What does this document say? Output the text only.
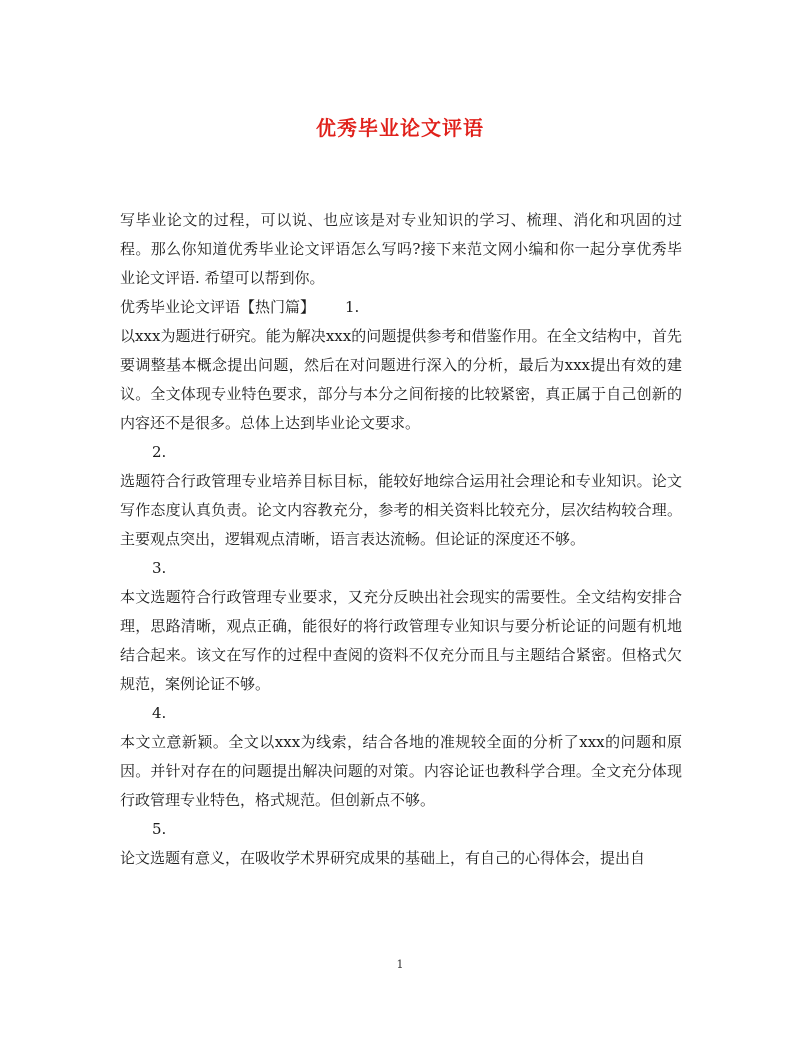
优秀毕业论文评语

写毕业论文的过程，可以说、也应该是对专业知识的学习、梳理、消化和巩固的过程。那么你知道优秀毕业论文评语怎么写吗?接下来范文网小编和你一起分享优秀毕业论文评语. 希望可以帮到你。

优秀毕业论文评语【热门篇】 1.

以xxx为题进行研究。能为解决xxx的问题提供参考和借鉴作用。在全文结构中，首先要调整基本概念提出问题，然后在对问题进行深入的分析，最后为xxx提出有效的建议。全文体现专业特色要求，部分与本分之间衔接的比较紧密，真正属于自己创新的内容还不是很多。总体上达到毕业论文要求。

2.

选题符合行政管理专业培养目标目标，能较好地综合运用社会理论和专业知识。论文写作态度认真负责。论文内容教充分，参考的相关资料比较充分，层次结构较合理。主要观点突出，逻辑观点清晰，语言表达流畅。但论证的深度还不够。

3.

本文选题符合行政管理专业要求，又充分反映出社会现实的需要性。全文结构安排合理，思路清晰，观点正确，能很好的将行政管理专业知识与要分析论证的问题有机地结合起来。该文在写作的过程中查阅的资料不仅充分而且与主题结合紧密。但格式欠规范，案例论证不够。

4.

本文立意新颖。全文以xxx为线索，结合各地的准规较全面的分析了xxx的问题和原因。并针对存在的问题提出解决问题的对策。内容论证也教科学合理。全文充分体现行政管理专业特色，格式规范。但创新点不够。

5.

论文选题有意义，在吸收学术界研究成果的基础上，有自己的心得体会，提出自

1
